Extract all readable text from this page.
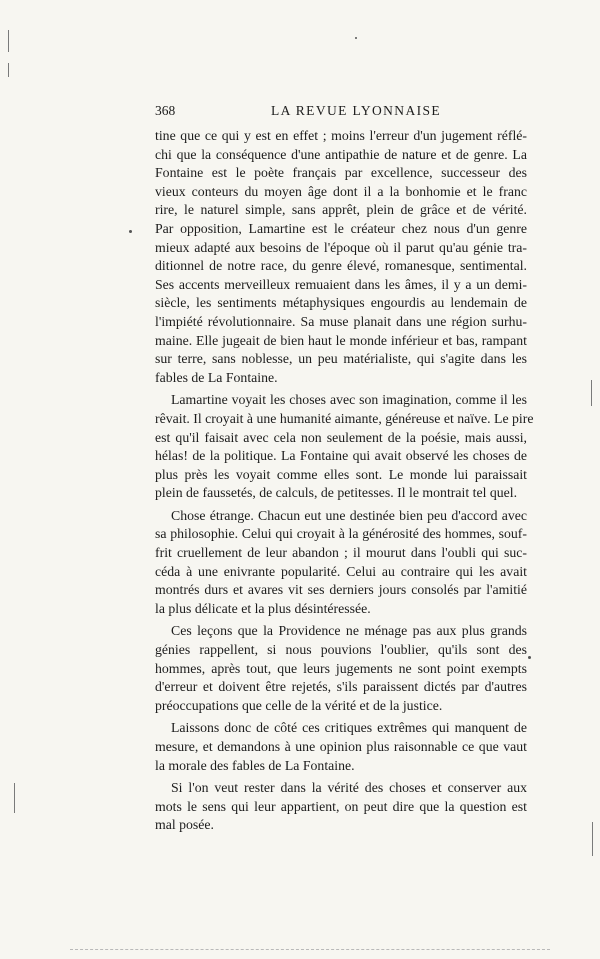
368	LA REVUE LYONNAISE
tine que ce qui y est en effet ; moins l'erreur d'un jugement réflé-
chi que la conséquence d'une antipathie de nature et de genre. La
Fontaine est le poète français par excellence, successeur des
vieux conteurs du moyen âge dont il a la bonhomie et le franc
rire, le naturel simple, sans apprêt, plein de grâce et de vérité.
Par opposition, Lamartine est le créateur chez nous d'un genre
mieux adapté aux besoins de l'époque où il parut qu'au génie tra-
ditionnel de notre race, du genre élevé, romanesque, sentimental.
Ses accents merveilleux remuaient dans les âmes, il y a un demi-
siècle, les sentiments métaphysiques engourdis au lendemain de
l'impiété révolutionnaire. Sa muse planait dans une région surhu-
maine. Elle jugeait de bien haut le monde inférieur et bas, rampant
sur terre, sans noblesse, un peu matérialiste, qui s'agite dans les
fables de La Fontaine.
Lamartine voyait les choses avec son imagination, comme il les
rêvait. Il croyait à une humanité aimante, généreuse et naïve. Le pire
est qu'il faisait avec cela non seulement de la poésie, mais aussi,
hélas! de la politique. La Fontaine qui avait observé les choses de
plus près les voyait comme elles sont. Le monde lui paraissait
plein de faussetés, de calculs, de petitesses. Il le montrait tel quel.
Chose étrange. Chacun eut une destinée bien peu d'accord avec
sa philosophie. Celui qui croyait à la générosité des hommes, souf-
frit cruellement de leur abandon ; il mourut dans l'oubli qui suc-
céda à une enivrante popularité. Celui au contraire qui les avait
montrés durs et avares vit ses derniers jours consolés par l'amitié
la plus délicate et la plus désintéressée.
Ces leçons que la Providence ne ménage pas aux plus grands
génies rappellent, si nous pouvions l'oublier, qu'ils sont des
hommes, après tout, que leurs jugements ne sont point exempts
d'erreur et doivent être rejetés, s'ils paraissent dictés par d'autres
préoccupations que celle de la vérité et de la justice.
Laissons donc de côté ces critiques extrêmes qui manquent de
mesure, et demandons à une opinion plus raisonnable ce que vaut
la morale des fables de La Fontaine.
Si l'on veut rester dans la vérité des choses et conserver aux
mots le sens qui leur appartient, on peut dire que la question est
mal posée.
